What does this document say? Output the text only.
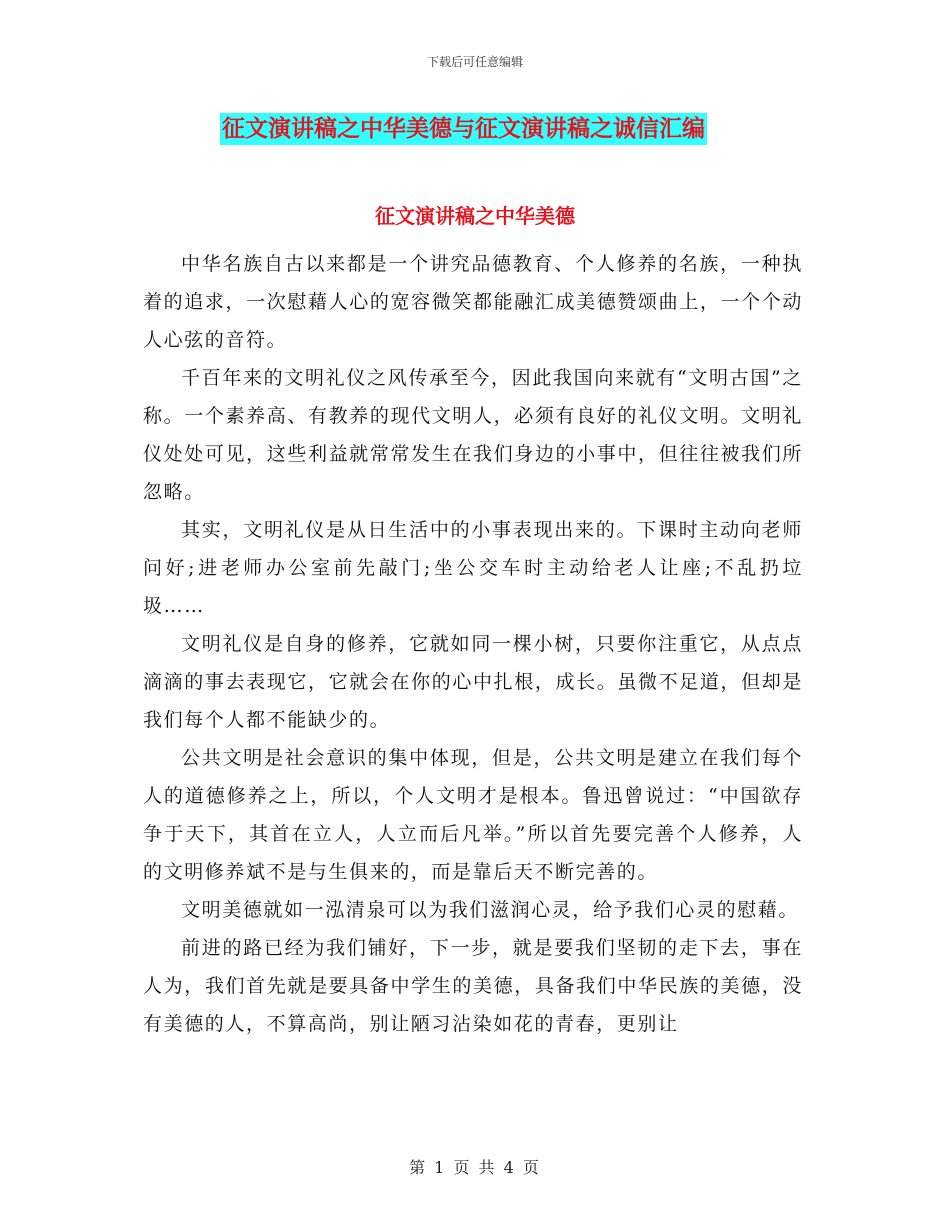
下载后可任意编辑
征文演讲稿之中华美德与征文演讲稿之诚信汇编
征文演讲稿之中华美德

中华名族自古以来都是一个讲究品德教育、个人修养的名族，一种执着的追求，一次慰藉人心的宽容微笑都能融汇成美德赞颂曲上，一个个动人心弦的音符。

千百年来的文明礼仪之风传承至今，因此我国向来就有“文明古国”之称。一个素养高、有教养的现代文明人，必须有良好的礼仪文明。文明礼仪处处可见，这些利益就常常发生在我们身边的小事中，但往往被我们所忽略。

其实，文明礼仪是从日生活中的小事表现出来的。下课时主动向老师问好;进老师办公室前先敲门;坐公交车时主动给老人让座;不乱扔垃圾……

文明礼仪是自身的修养，它就如同一棵小树，只要你注重它，从点点滴滴的事去表现它，它就会在你的心中扎根，成长。虽微不足道，但却是我们每个人都不能缺少的。

公共文明是社会意识的集中体现，但是，公共文明是建立在我们每个人的道德修养之上，所以，个人文明才是根本。鲁迅曾说过：“中国欲存争于天下，其首在立人，人立而后凡举。”所以首先要完善个人修养，人的文明修养斌不是与生俱来的，而是靠后天不断完善的。

文明美德就如一泓清泉可以为我们滋润心灵，给予我们心灵的慰藉。

前进的路已经为我们铺好，下一步，就是要我们坚韧的走下去，事在人为，我们首先就是要具备中学生的美德，具备我们中华民族的美德，没有美德的人，不算高尚，别让陋习沾染如花的青春，更别让

第 1 页 共 4 页
